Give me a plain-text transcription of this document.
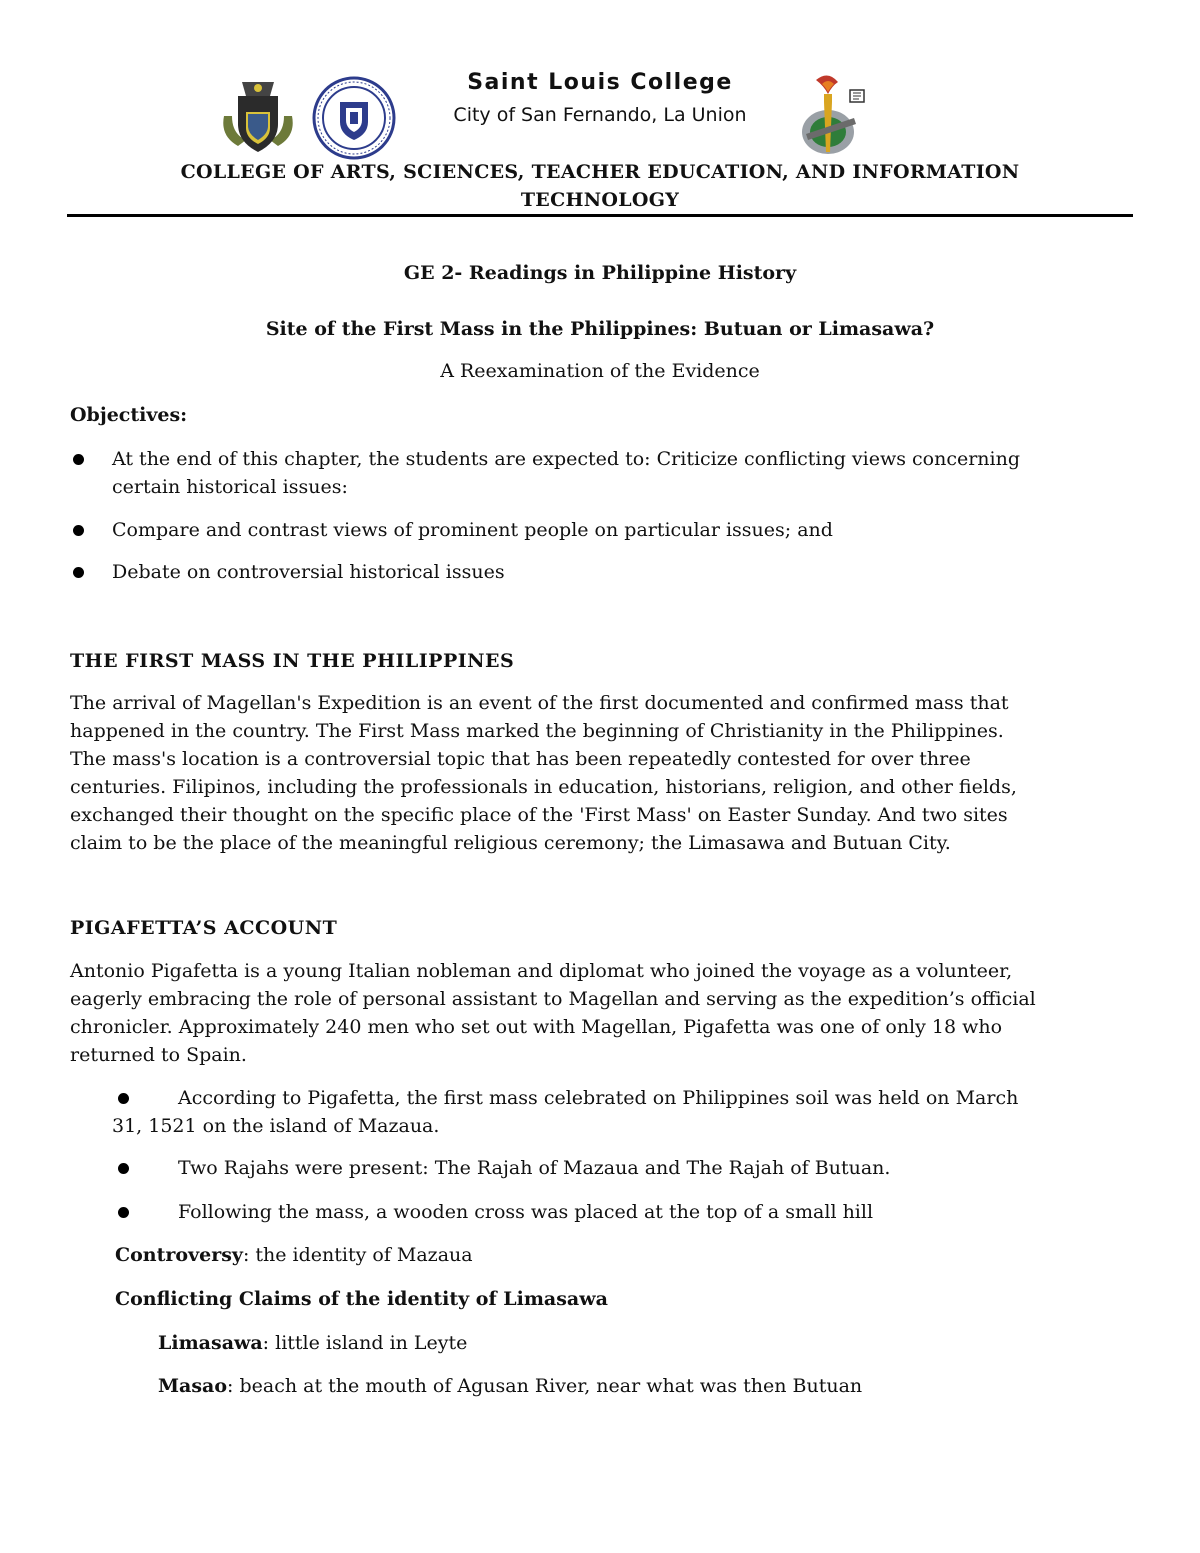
Saint Louis College
City of San Fernando, La Union
COLLEGE OF ARTS, SCIENCES, TEACHER EDUCATION, AND INFORMATION
TECHNOLOGY
GE 2- Readings in Philippine History
Site of the First Mass in the Philippines: Butuan or Limasawa?
A Reexamination of the Evidence
Objectives:
At the end of this chapter, the students are expected to: Criticize conflicting views concerning
certain historical issues:
Compare and contrast views of prominent people on particular issues; and
Debate on controversial historical issues
THE FIRST MASS IN THE PHILIPPINES
The arrival of Magellan's Expedition is an event of the first documented and confirmed mass that
happened in the country. The First Mass marked the beginning of Christianity in the Philippines.
The mass's location is a controversial topic that has been repeatedly contested for over three
centuries. Filipinos, including the professionals in education, historians, religion, and other fields,
exchanged their thought on the specific place of the 'First Mass' on Easter Sunday. And two sites
claim to be the place of the meaningful religious ceremony; the Limasawa and Butuan City.
PIGAFETTA’S ACCOUNT
Antonio Pigafetta is a young Italian nobleman and diplomat who joined the voyage as a volunteer,
eagerly embracing the role of personal assistant to Magellan and serving as the expedition’s official
chronicler. Approximately 240 men who set out with Magellan, Pigafetta was one of only 18 who
returned to Spain.
According to Pigafetta, the first mass celebrated on Philippines soil was held on March
31, 1521 on the island of Mazaua.
Two Rajahs were present: The Rajah of Mazaua and The Rajah of Butuan.
Following the mass, a wooden cross was placed at the top of a small hill
Controversy: the identity of Mazaua
Conflicting Claims of the identity of Limasawa
Limasawa: little island in Leyte
Masao: beach at the mouth of Agusan River, near what was then Butuan
